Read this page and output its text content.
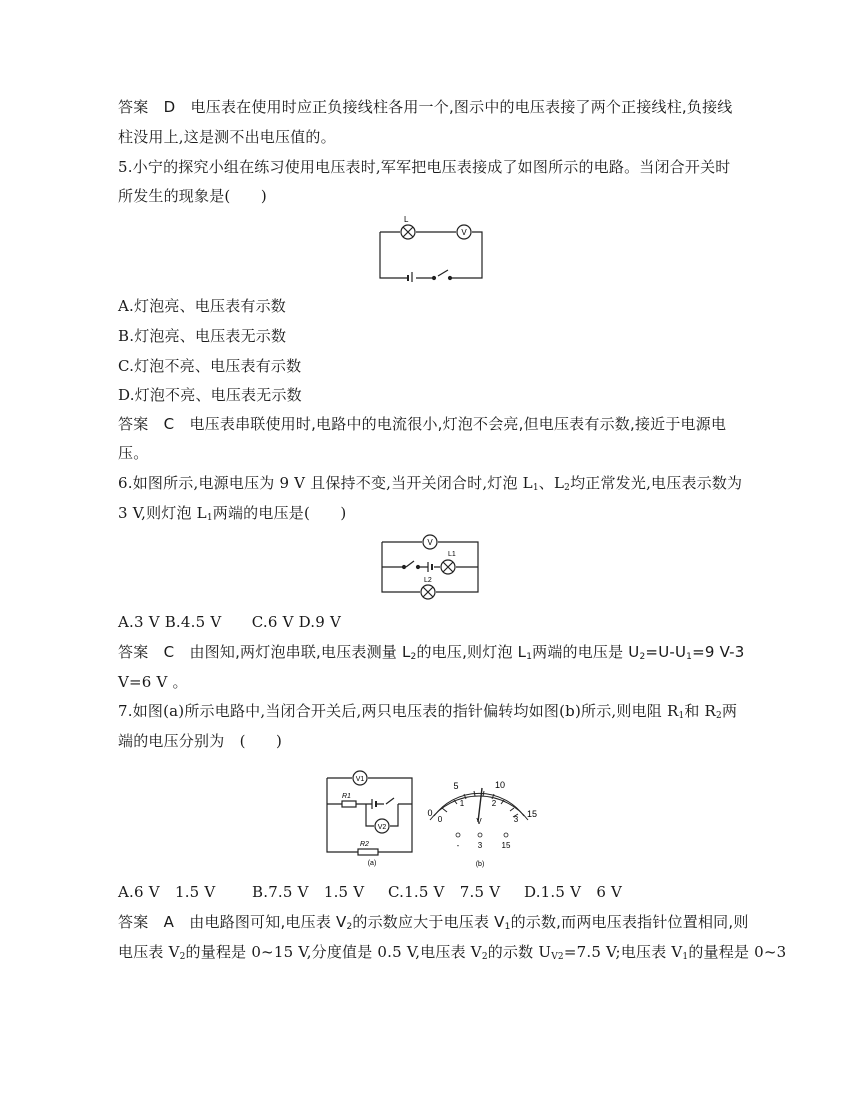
答案　D　电压表在使用时应正负接线柱各用一个,图示中的电压表接了两个正接线柱,负接线
柱没用上,这是测不出电压值的。
5.小宁的探究小组在练习使用电压表时,军军把电压表接成了如图所示的电路。当闭合开关时
所发生的现象是(　　)
V
L
A.灯泡亮、电压表有示数
B.灯泡亮、电压表无示数
C.灯泡不亮、电压表有示数
D.灯泡不亮、电压表无示数
答案　C　电压表串联使用时,电路中的电流很小,灯泡不会亮,但电压表有示数,接近于电源电
压。
6.如图所示,电源电压为 9 V 且保持不变,当开关闭合时,灯泡 $L_1$、$L_2$均正常发光,电压表示数为
3 V,则灯泡 $L_1$两端的电压是(　　)
V
L1
L2
A.3 V B.4.5 V　　C.6 V D.9 V
答案　C　由图知,两灯泡串联,电压表测量 $L_2$的电压,则灯泡 $L_1$两端的电压是 $U_2=U-U_1=9$ V-3
V=6 V 。
7.如图(a)所示电路中,当闭合开关后,两只电压表的指针偏转均如图(b)所示,则电阻 $R_1$和 $R_2$两
端的电压分别为　(　　)
V1
R1
V2
R2
(a)
0
5	10
15
0
1	2
3
V
- 3 15
(b)
A.6 V　1.5 V B.7.5 V　1.5 V C.1.5 V　7.5 V D.1.5 V　6 V
答案　A　由电路图可知,电压表 $V_2$的示数应大于电压表 $V_1$的示数,而两电压表指针位置相同,则
电压表 $V_2$的量程是 0~15 V,分度值是 0.5 V,电压表 $V_2$的示数 $U_{V2}=7.5$ V;电压表 $V_1$的量程是 0~3
